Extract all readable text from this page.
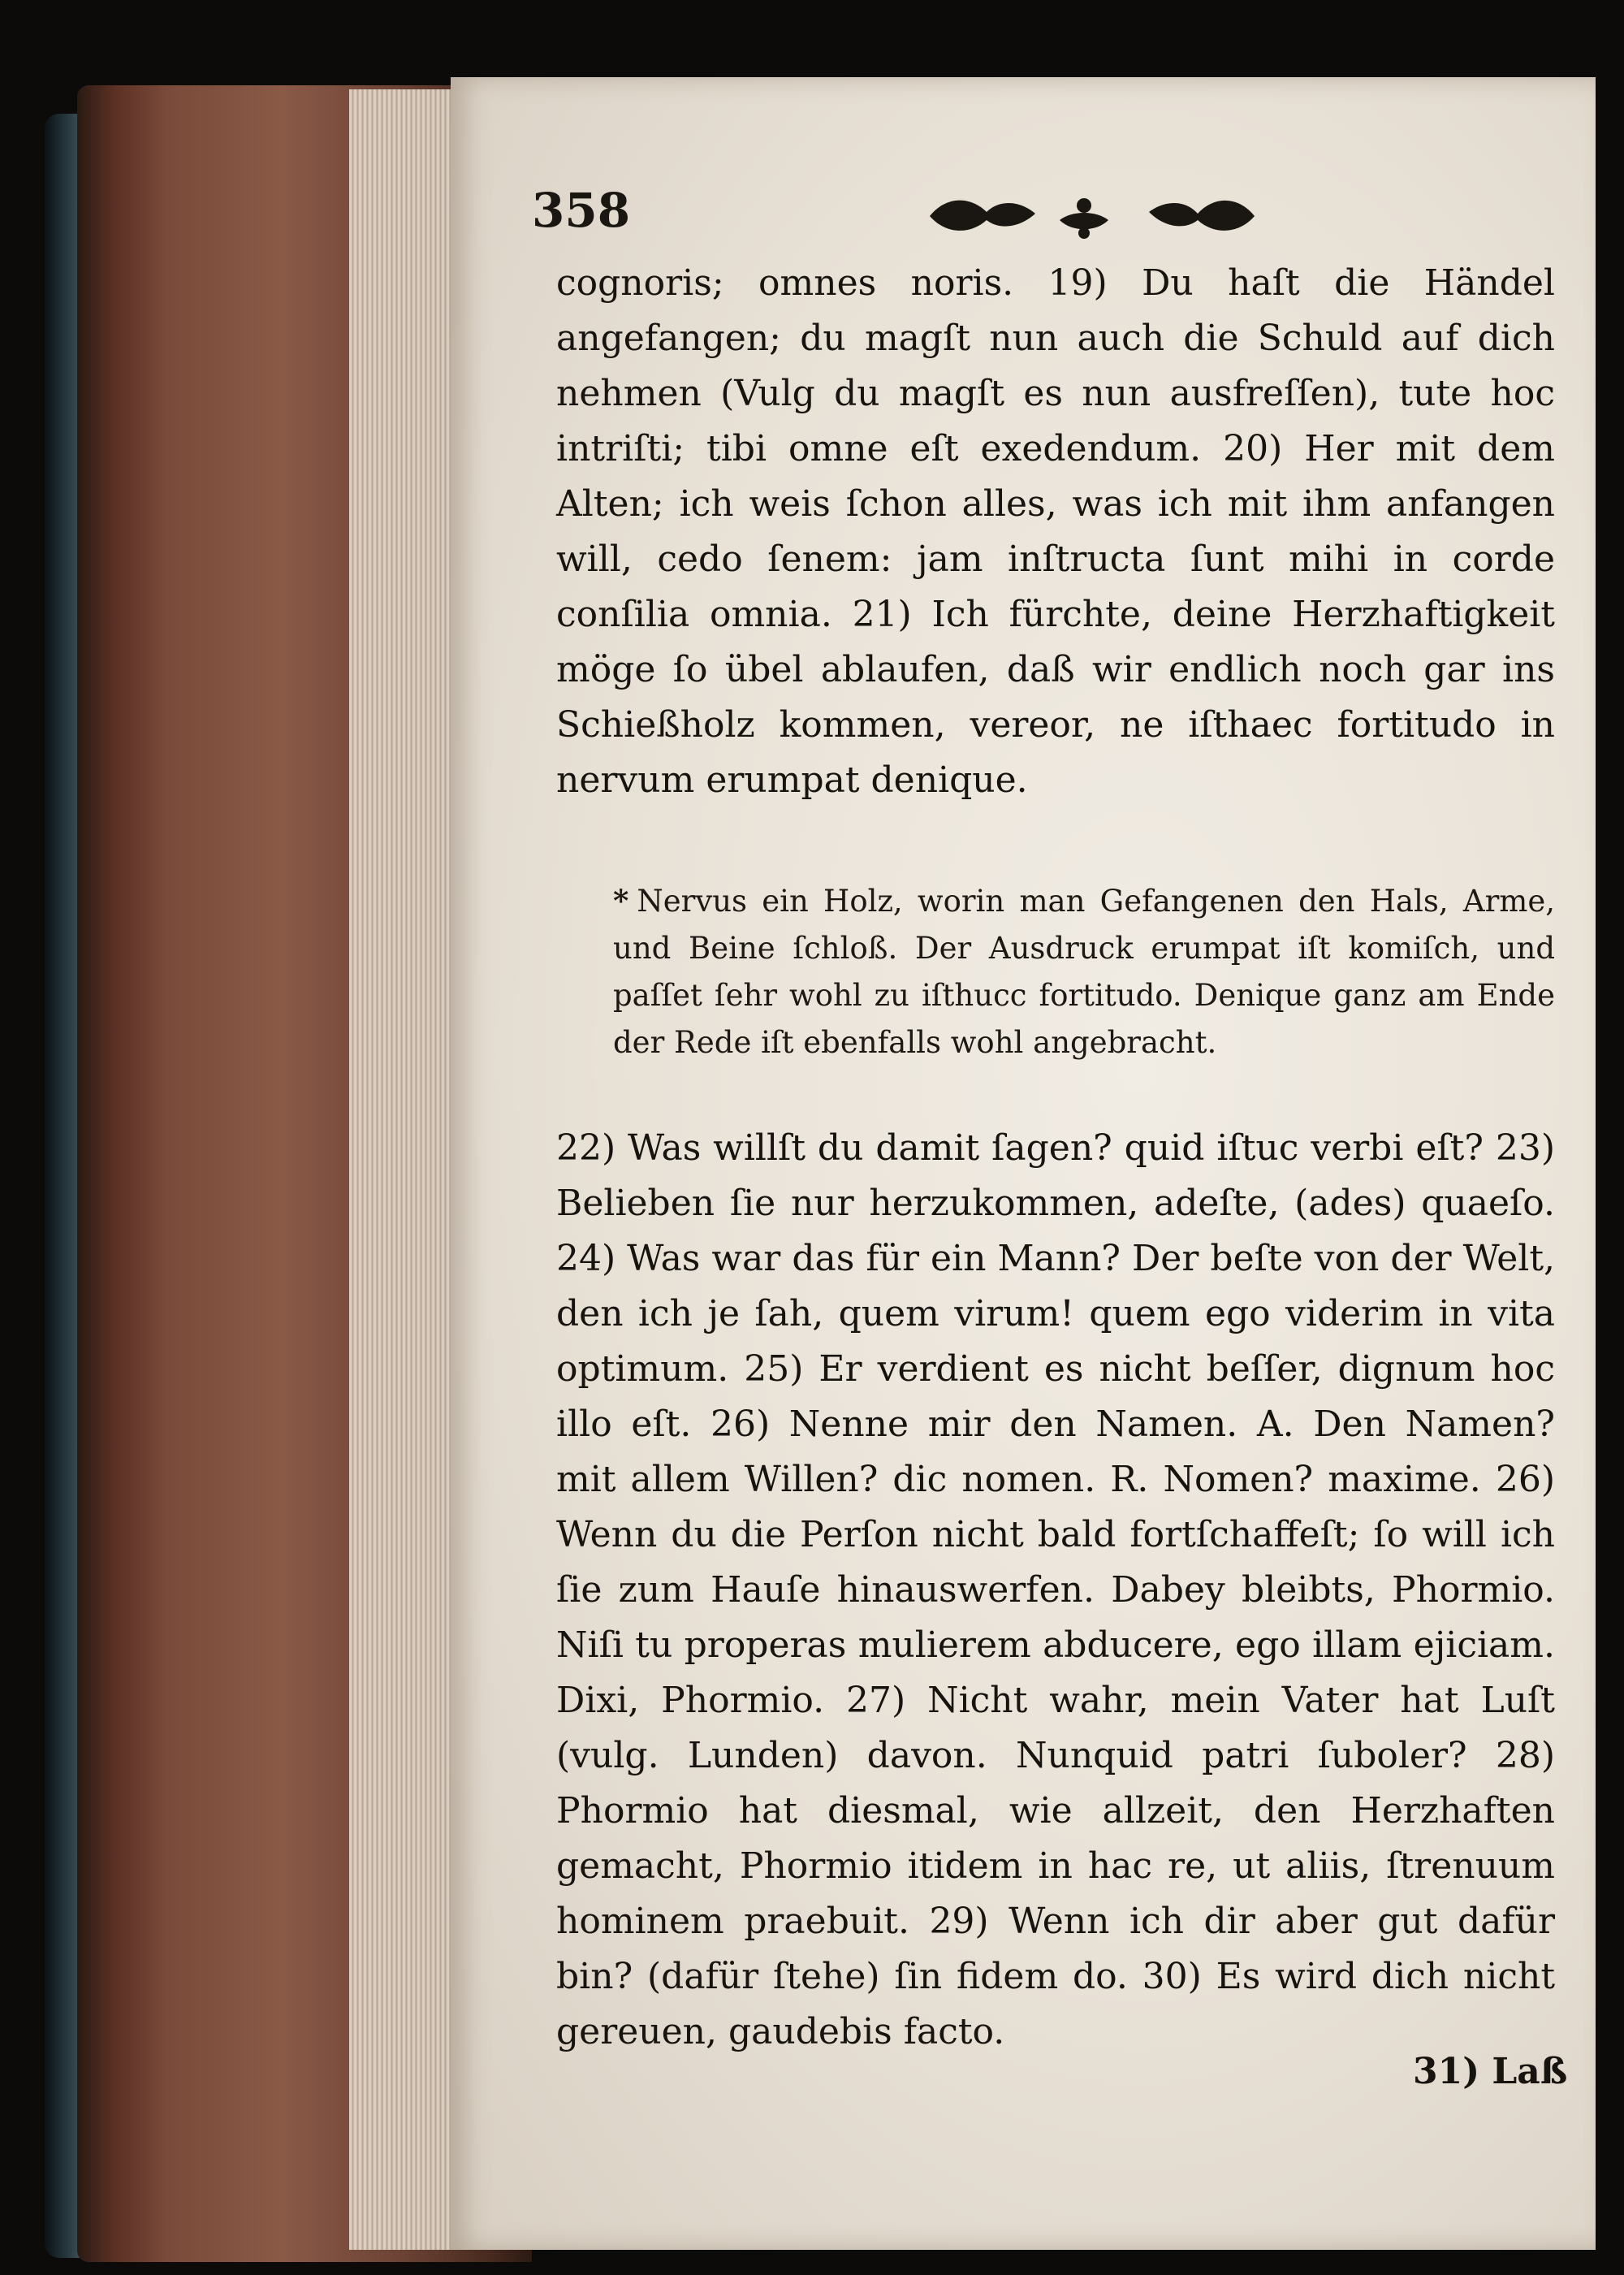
358

cognoris; omnes noris. 19) Du haſt die Händel angefangen; du magſt nun auch die Schuld auf dich nehmen (Vulg du magſt es nun ausfreſſen), tute hoc intriſti; tibi omne eſt exedendum. 20) Her mit dem Alten; ich weis ſchon alles, was ich mit ihm anfangen will, cedo ſenem: jam inſtructa ſunt mihi in corde conſilia omnia. 21) Ich fürchte, deine Herzhaftigkeit möge ſo übel ablaufen, daß wir endlich noch gar ins Schießholz kommen, vereor, ne iſthaec fortitudo in nervum erumpat denique.

* Nervus ein Holz, worin man Gefangenen den Hals, Arme, und Beine ſchloß. Der Ausdruck erumpat iſt komiſch, und paſſet ſehr wohl zu iſthucc fortitudo. Denique ganz am Ende der Rede iſt ebenfalls wohl angebracht.

22) Was willſt du damit ſagen? quid iſtuc verbi eſt? 23) Belieben ſie nur herzukommen, adeſte, (ades) quaeſo. 24) Was war das für ein Mann? Der beſte von der Welt, den ich je ſah, quem virum! quem ego viderim in vita optimum. 25) Er verdient es nicht beſſer, dignum hoc illo eſt. 26) Nenne mir den Namen. A. Den Namen? mit allem Willen? dic nomen. R. Nomen? maxime. 26) Wenn du die Perſon nicht bald fortſchaffeſt; ſo will ich ſie zum Hauſe hinauswerfen. Dabey bleibts, Phormio. Niſi tu properas mulierem abducere, ego illam ejiciam. Dixi, Phormio. 27) Nicht wahr, mein Vater hat Luſt (vulg. Lunden) davon. Nunquid patri ſuboler? 28) Phormio hat diesmal, wie allzeit, den Herzhaften gemacht, Phormio itidem in hac re, ut aliis, ſtrenuum hominem praebuit. 29) Wenn ich dir aber gut dafür bin? (dafür ſtehe) ſin fidem do. 30) Es wird dich nicht gereuen, gaudebis facto.

31) Laß
